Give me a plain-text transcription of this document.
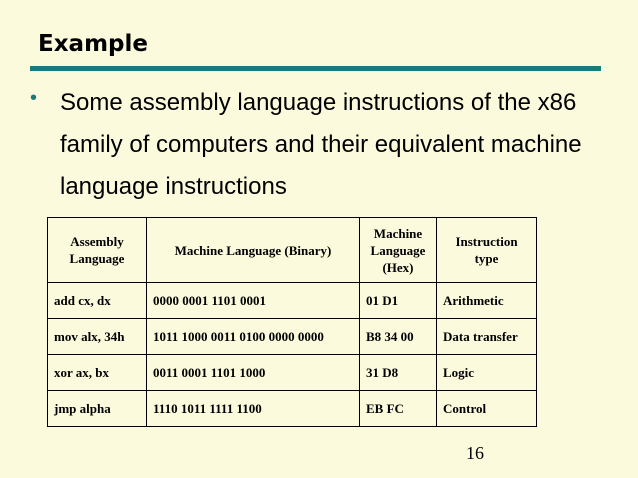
Example
• Some assembly language instructions of the x86 family of computers and their equivalent machine language instructions
Assembly Language	Machine Language (Binary)	Machine Language (Hex)	Instruction type
add cx, dx	0000 0001 1101 0001	01 D1	Arithmetic
mov alx, 34h	1011 1000 0011 0100 0000 0000	B8 34 00	Data transfer
xor ax, bx	0011 0001 1101 1000	31 D8	Logic
jmp alpha	1110 1011 1111 1100	EB FC	Control
16
